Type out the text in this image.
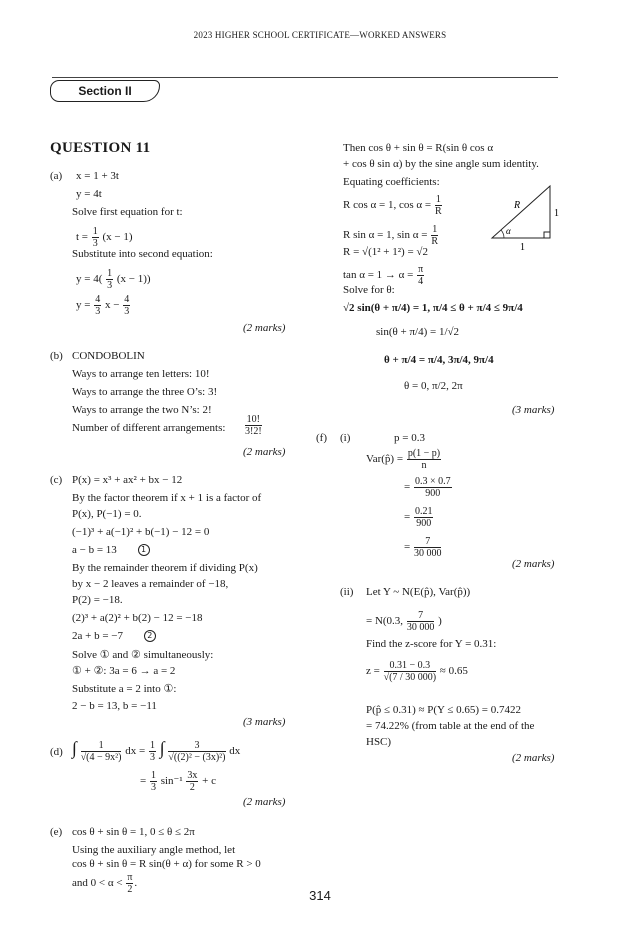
2023 HIGHER SCHOOL CERTIFICATE—WORKED ANSWERS
Section II
QUESTION 11
(a) x = 1 + 3t
y = 4t
Solve first equation for t:
$t = \frac{1}{3} (x - 1)$
Substitute into second equation:
$y = 4( \frac{1}{3} (x - 1))$
$y = \frac{4}{3}$ $x - \frac{4}{3}$
(2 marks)
(b) CONDOBOLIN
Ways to arrange ten letters: 10!
Ways to arrange the three O’s: 3!
Ways to arrange the two N’s: 2!
Number of different arrangements: $\frac{10!}{3!2!}$
(2 marks)
(c) P(x) = x³ + ax² + bx − 12
By the factor theorem if x + 1 is a factor of
P(x), P(−1) = 0.
(−1)³ + a(−1)² + b(−1) − 12 = 0
a − b = 13	1
By the remainder theorem if dividing P(x)
by x − 2 leaves a remainder of −18,
P(2) = −18.
(2)³ + a(2)² + b(2) − 12 = −18
2a + b = −7	2
Solve ① and ② simultaneously:
① + ②: 3a = 6 → a = 2
Substitute a = 2 into ①:
2 − b = 13, b = −11
(3 marks)
(d) ∫ $\frac{1}{\text{√(4 − 9x²)}}$ dx = $\frac{1}{3}$ ∫ $\frac{3}{\text{√((2)² − (3x)²)}}$ dx
= $\frac{1}{3} \sin^{-1} \frac{3x}{2} + c$
(2 marks)
(e) cos θ + sin θ = 1, 0 ≤ θ ≤ 2π
Using the auxiliary angle method, let
cos θ + sin θ = R sin(θ + α) for some R > 0
and $0 < \alpha < \frac{\pi}{2}$ .
Then cos θ + sin θ = R(sin θ cos α
+ cos θ sin α) by the sine angle sum identity.
Equating coefficients:
R cos α = 1, $\cos \alpha = \frac{1}{R}$
R sin α = 1, $\sin \alpha = \frac{1}{R}$
R = √(1² + 1²) = √2
$\tan \alpha = 1 \to \alpha = \frac{\pi}{4}$
Solve for θ:
√2 sin(θ + π/4) = 1, π/4 ≤ θ + π/4 ≤ 9π/4
sin(θ + π/4) = 1/√2
θ + π/4 = π/4, 3π/4, 9π/4
θ = 0, π/2, 2π
(3 marks)
R
1
1
α
(f) (i)	p = 0.3
Var(p̂) = $\frac{p(1 - p)}{n}$
= $\frac{0.3 \times 0.7}{900}$
= $\frac{0.21}{900}$
= $\frac{7}{30 000}$
(2 marks)
(ii) Let Y ~ N(E(p̂), Var(p̂))
= N(0.3, $\frac{7}{30 000}$ )
Find the z-score for Y = 0.31:
$z = \frac{0.31 - 0.3}{√(7 / 30 000)} \approx 0.65$
P(p̂ ≤ 0.31) ≈ P(Y ≤ 0.65) = 0.7422
= 74.22% (from table at the end of the
HSC)
(2 marks)
314
